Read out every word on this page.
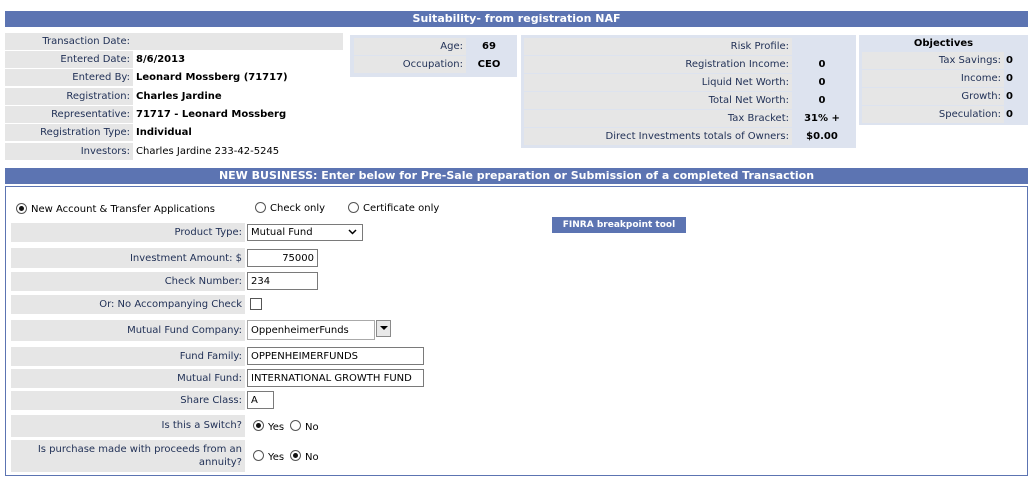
Suitability- from registration NAF
Transaction Date:
Entered Date: 8/6/2013
Entered By: Leonard Mossberg (71717)
Registration: Charles Jardine
Representative: 71717 - Leonard Mossberg
Registration Type: Individual
Investors: Charles Jardine 233-42-5245
Age:	69
Occupation:	CEO
Risk Profile:
Registration Income:	0
Liquid Net Worth:	0
Total Net Worth:	0
Tax Bracket:	31% +
Direct Investments totals of Owners:	$0.00
Objectives
Tax Savings: 0
Income: 0
Growth: 0
Speculation: 0
NEW BUSINESS: Enter below for Pre-Sale preparation or Submission of a completed Transaction
New Account & Transfer Applications	Check only	Certificate only
FINRA breakpoint tool
Product Type: Mutual Fund
Investment Amount: $
75000
Check Number:
234
Or: No Accompanying Check
Mutual Fund Company: OppenheimerFunds
Fund Family:
OPPENHEIMERFUNDS
Mutual Fund:
INTERNATIONAL GROWTH FUND
Share Class:
A
Is this a Switch?	Yes No
Is purchase made with proceeds from an
annuity?	Yes No
